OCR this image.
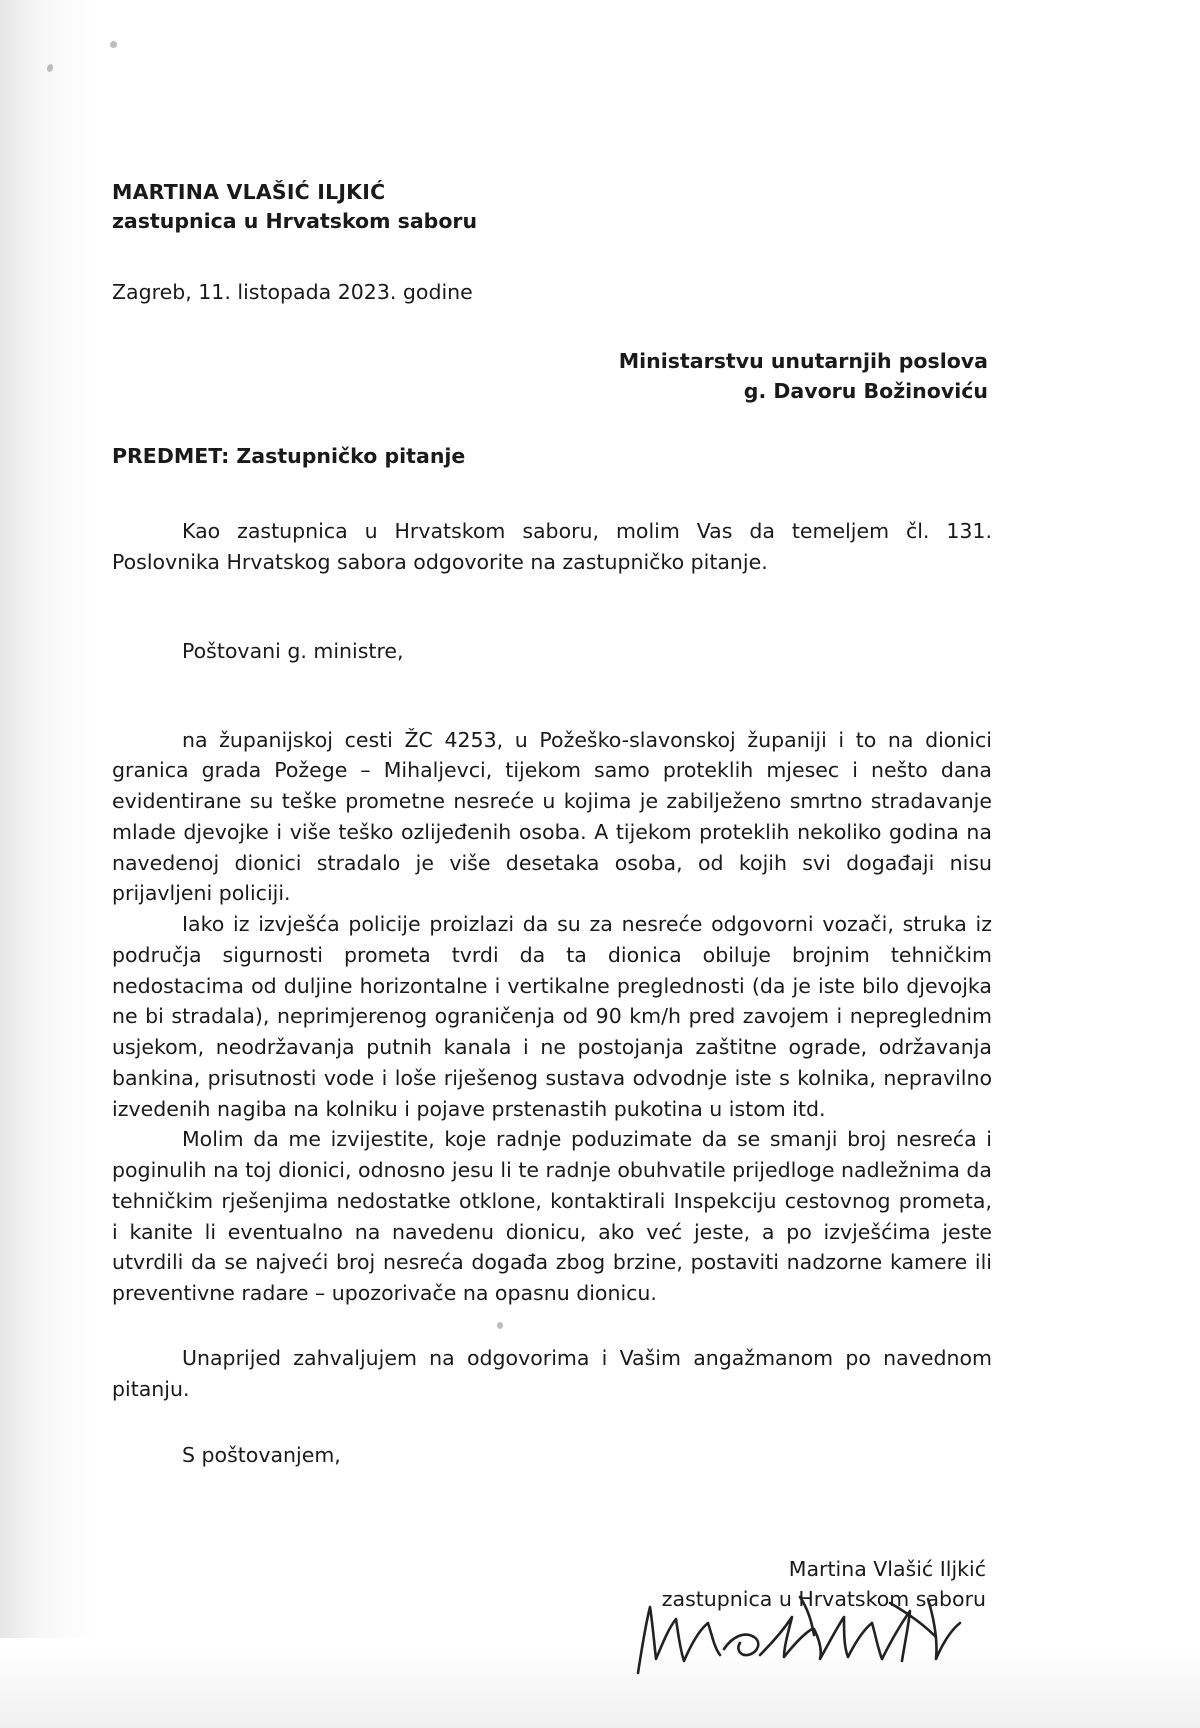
MARTINA VLAŠIĆ ILJKIĆ
zastupnica u Hrvatskom saboru
Zagreb, 11. listopada 2023. godine
Ministarstvu unutarnjih poslova
g. Davoru Božinoviću
PREDMET: Zastupničko pitanje

Kao zastupnica u Hrvatskom saboru, molim Vas da temeljem čl. 131. Poslovnika Hrvatskog sabora odgovorite na zastupničko pitanje.

Poštovani g. ministre,

na županijskoj cesti ŽC 4253, u Požeško-slavonskoj županiji i to na dionici granica grada Požege – Mihaljevci, tijekom samo proteklih mjesec i nešto dana evidentirane su teške prometne nesreće u kojima je zabilježeno smrtno stradavanje mlade djevojke i više teško ozlijeđenih osoba. A tijekom proteklih nekoliko godina na navedenoj dionici stradalo je više desetaka osoba, od kojih svi događaji nisu prijavljeni policiji.

Iako iz izvješća policije proizlazi da su za nesreće odgovorni vozači, struka iz područja sigurnosti prometa tvrdi da ta dionica obiluje brojnim tehničkim nedostacima od duljine horizontalne i vertikalne preglednosti (da je iste bilo djevojka ne bi stradala), neprimjerenog ograničenja od 90 km/h pred zavojem i nepreglednim usjekom, neodržavanja putnih kanala i ne postojanja zaštitne ograde, održavanja bankina, prisutnosti vode i loše riješenog sustava odvodnje iste s kolnika, nepravilno izvedenih nagiba na kolniku i pojave prstenastih pukotina u istom itd.

Molim da me izvijestite, koje radnje poduzimate da se smanji broj nesreća i poginulih na toj dionici, odnosno jesu li te radnje obuhvatile prijedloge nadležnima da tehničkim rješenjima nedostatke otklone, kontaktirali Inspekciju cestovnog prometa, i kanite li eventualno na navedenu dionicu, ako već jeste, a po izvješćima jeste utvrdili da se najveći broj nesreća događa zbog brzine, postaviti nadzorne kamere ili preventivne radare – upozorivače na opasnu dionicu.

Unaprijed zahvaljujem na odgovorima i Vašim angažmanom po navednom pitanju.

S poštovanjem,

Martina Vlašić Iljkić
zastupnica u Hrvatskom saboru
